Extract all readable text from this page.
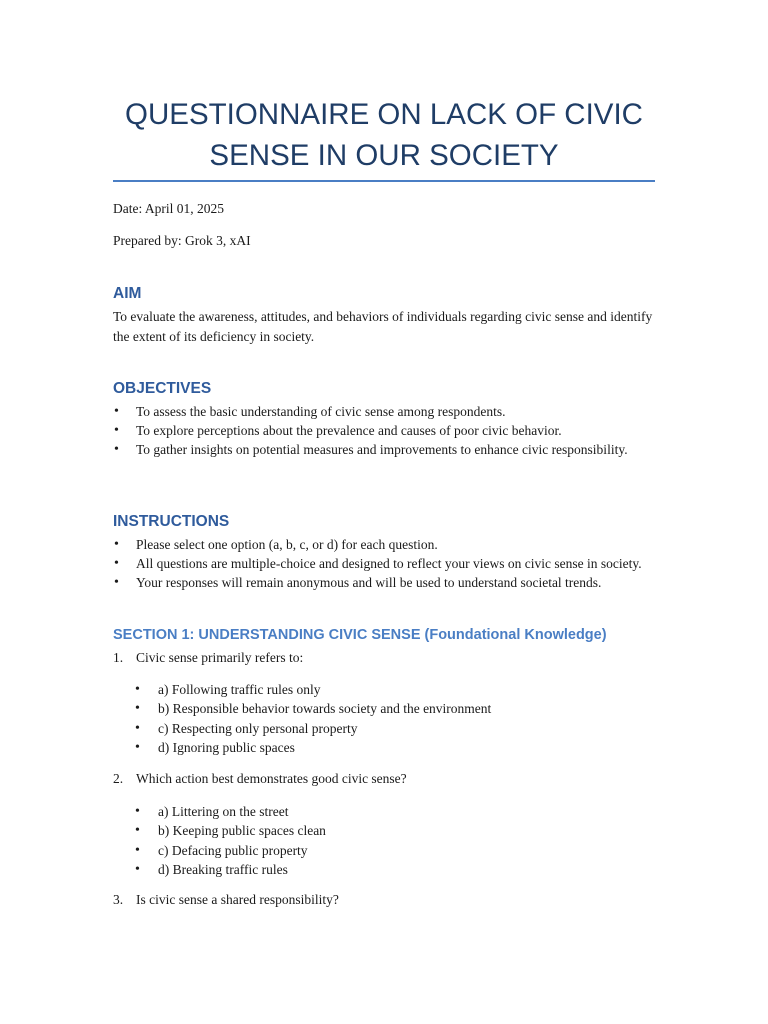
QUESTIONNAIRE ON LACK OF CIVIC
SENSE IN OUR SOCIETY

Date: April 01, 2025

Prepared by: Grok 3, xAI

AIM

To evaluate the awareness, attitudes, and behaviors of individuals regarding civic sense and identify the extent of its deficiency in society.

OBJECTIVES
• To assess the basic understanding of civic sense among respondents.
• To explore perceptions about the prevalence and causes of poor civic behavior.
• To gather insights on potential measures and improvements to enhance civic responsibility.
INSTRUCTIONS
• Please select one option (a, b, c, or d) for each question.
• All questions are multiple-choice and designed to reflect your views on civic sense in society.
• Your responses will remain anonymous and will be used to understand societal trends.
SECTION 1: UNDERSTANDING CIVIC SENSE (Foundational Knowledge)

1. Civic sense primarily refers to:

• a) Following traffic rules only
• b) Responsible behavior towards society and the environment
• c) Respecting only personal property
• d) Ignoring public spaces

2. Which action best demonstrates good civic sense?

• a) Littering on the street
• b) Keeping public spaces clean
• c) Defacing public property
• d) Breaking traffic rules

3. Is civic sense a shared responsibility?
